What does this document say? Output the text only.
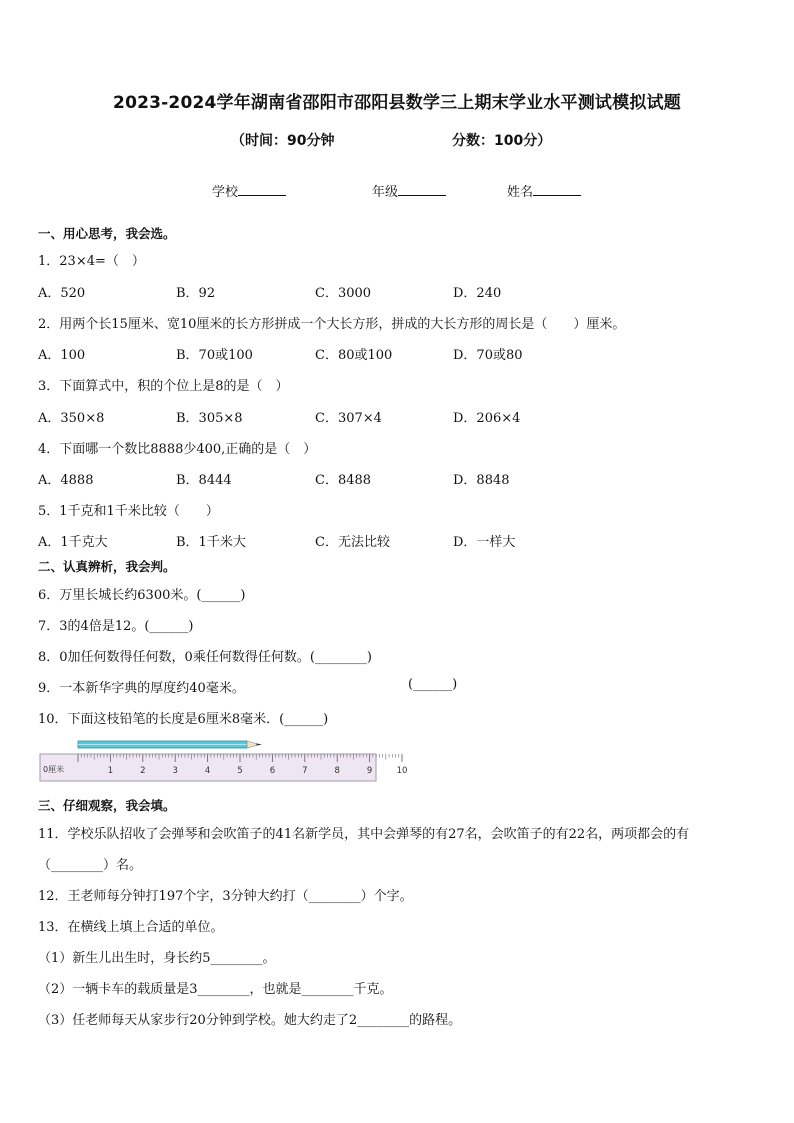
2023-2024学年湖南省邵阳市邵阳县数学三上期末学业水平测试模拟试题
（时间：90分钟	分数：100分）
学校	年级	姓名
一、用心思考，我会选。
1．23×4=（　）
A．520	B．92	C．3000	D．240
2．用两个长15厘米、宽10厘米的长方形拼成一个大长方形，拼成的大长方形的周长是（　　）厘米。
A．100	B．70或100	C．80或100	D．70或80
3．下面算式中，积的个位上是8的是（　）
A．350×8	B．305×8	C．307×4	D．206×4
4．下面哪一个数比8888少400,正确的是（　）
A．4888	B．8444	C．8488	D．8848
5．1千克和1千米比较（　　）
A．1千克大	B．1千米大	C．无法比较	D．一样大
二、认真辨析，我会判。
6．万里长城长约6300米。(______)
7．3的4倍是12。(______)
8．0加任何数得任何数，0乘任何数得任何数。(________)
9．一本新华字典的厚度约40毫米。	(______)
10．下面这枝铅笔的长度是6厘米8毫米．(______)
0厘米	1	2	3	4	5	6	7	8	9	10
三、仔细观察，我会填。
11．学校乐队招收了会弹琴和会吹笛子的41名新学员，其中会弹琴的有27名，会吹笛子的有22名，两项都会的有
（________）名。
12．王老师每分钟打197个字，3分钟大约打（________）个字。
13．在横线上填上合适的单位。
（1）新生儿出生时，身长约5________。
（2）一辆卡车的载质量是3________，也就是________千克。
（3）任老师每天从家步行20分钟到学校。她大约走了2________的路程。
